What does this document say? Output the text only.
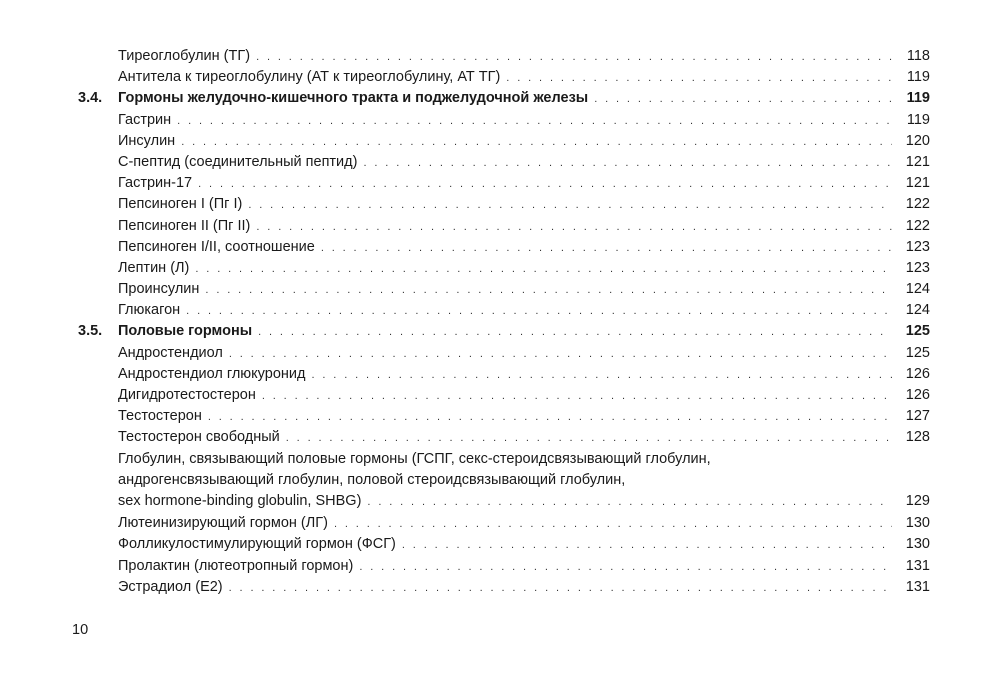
Тиреоглобулин (ТГ) . . .	118
Антитела к тиреоглобулину (АТ к тиреоглобулину, АТ ТГ) . . .	119
3.4. Гормоны желудочно-кишечного тракта и поджелудочной железы . . .	119
Гастрин . . .	119
Инсулин . . .	120
С-пептид (соединительный пептид) . . .	121
Гастрин-17 . . .	121
Пепсиноген I (Пг I) . . .	122
Пепсиноген II (Пг II) . . .	122
Пепсиноген I/II, соотношение . . .	123
Лептин (Л) . . .	123
Проинсулин . . .	124
Глюкагон . . .	124
3.5. Половые гормоны . . .	125
Андростендиол . . .	125
Андростендиол глюкуронид . . .	126
Дигидротестостерон . . .	126
Тестостерон . . .	127
Тестостерон свободный . . .	128
Глобулин, связывающий половые гормоны (ГСПГ, секс-стероидсвязывающий глобулин,
андрогенсвязывающий глобулин, половой стероидсвязывающий глобулин,
sex hormone-binding globulin, SHBG) . . .	129
Лютеинизирующий гормон (ЛГ) . . .	130
Фолликулостимулирующий гормон (ФСГ) . . .	130
Пролактин (лютеотропный гормон) . . .	131
Эстрадиол (E2) . . .	131
10
